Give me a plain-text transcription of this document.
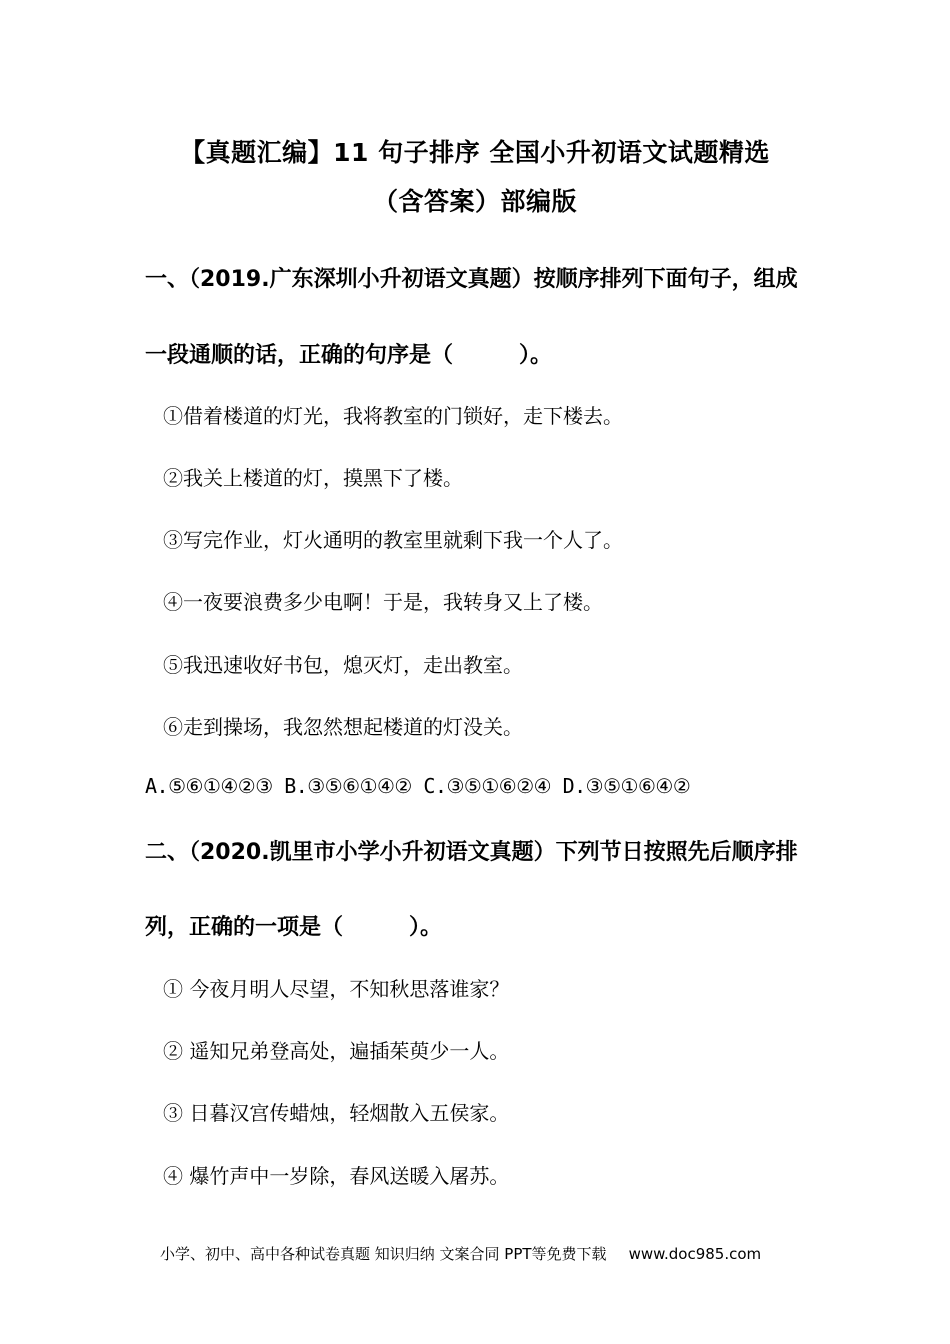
【真题汇编】11 句子排序 全国小升初语文试题精选
（含答案）部编版
一、（2019.广东深圳小升初语文真题）按顺序排列下面句子，组成
一段通顺的话，正确的句序是（　　　）。
①借着楼道的灯光，我将教室的门锁好，走下楼去。
②我关上楼道的灯，摸黑下了楼。
③写完作业，灯火通明的教室里就剩下我一个人了。
④一夜要浪费多少电啊！于是，我转身又上了楼。
⑤我迅速收好书包，熄灭灯，走出教室。
⑥走到操场，我忽然想起楼道的灯没关。
A.⑤⑥①④②③ B.③⑤⑥①④② C.③⑤①⑥②④ D.③⑤①⑥④②
二、（2020.凯里市小学小升初语文真题）下列节日按照先后顺序排
列，正确的一项是（　　　）。
① 今夜月明人尽望，不知秋思落谁家？
② 遥知兄弟登高处，遍插茱萸少一人。
③ 日暮汉宫传蜡烛，轻烟散入五侯家。
④ 爆竹声中一岁除，春风送暖入屠苏。
小学、初中、高中各种试卷真题 知识归纳 文案合同 PPT等免费下载 www.doc985.com
